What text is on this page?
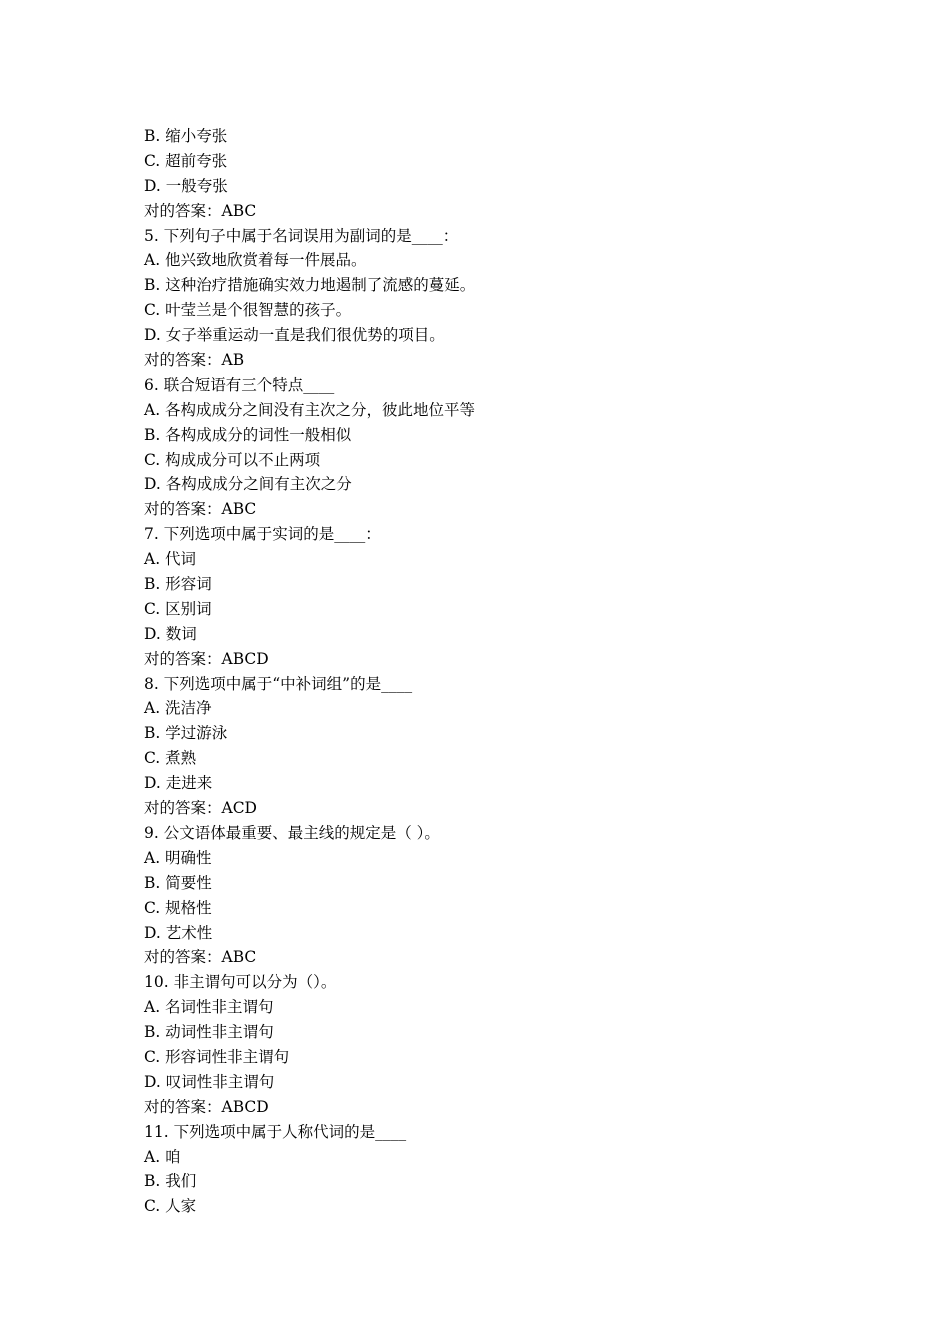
B. 缩小夸张
C. 超前夸张
D. 一般夸张
对的答案：ABC
5. 下列句子中属于名词误用为副词的是____：
A. 他兴致地欣赏着每一件展品。
B. 这种治疗措施确实效力地遏制了流感的蔓延。
C. 叶莹兰是个很智慧的孩子。
D. 女子举重运动一直是我们很优势的项目。
对的答案：AB
6. 联合短语有三个特点____
A. 各构成成分之间没有主次之分，彼此地位平等
B. 各构成成分的词性一般相似
C. 构成成分可以不止两项
D. 各构成成分之间有主次之分
对的答案：ABC
7. 下列选项中属于实词的是____：
A. 代词
B. 形容词
C. 区别词
D. 数词
对的答案：ABCD
8. 下列选项中属于“中补词组”的是____
A. 洗洁净
B. 学过游泳
C. 煮熟
D. 走进来
对的答案：ACD
9. 公文语体最重要、最主线的规定是（ ）。
A. 明确性
B. 简要性
C. 规格性
D. 艺术性
对的答案：ABC
10. 非主谓句可以分为（）。
A. 名词性非主谓句
B. 动词性非主谓句
C. 形容词性非主谓句
D. 叹词性非主谓句
对的答案：ABCD
11. 下列选项中属于人称代词的是____
A. 咱
B. 我们
C. 人家
